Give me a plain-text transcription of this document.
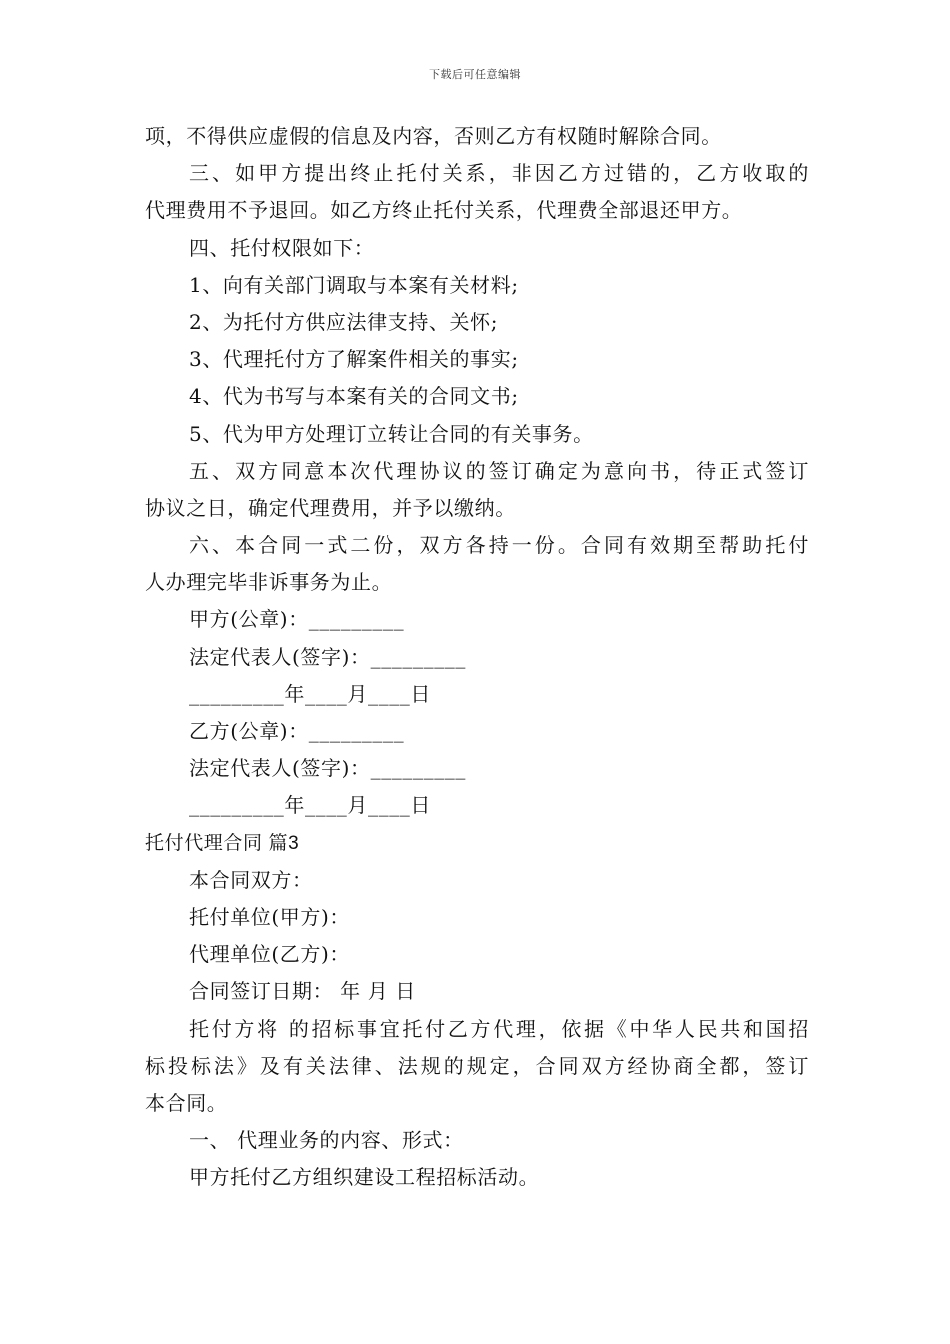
下载后可任意编辑
项，不得供应虚假的信息及内容，否则乙方有权随时解除合同。
三、如甲方提出终止托付关系，非因乙方过错的，乙方收取的
代理费用不予退回。如乙方终止托付关系，代理费全部退还甲方。
四、托付权限如下：
1、向有关部门调取与本案有关材料;
2、为托付方供应法律支持、关怀;
3、代理托付方了解案件相关的事实;
4、代为书写与本案有关的合同文书;
5、代为甲方处理订立转让合同的有关事务。
五、双方同意本次代理协议的签订确定为意向书，待正式签订
协议之日，确定代理费用，并予以缴纳。
六、本合同一式二份，双方各持一份。合同有效期至帮助托付
人办理完毕非诉事务为止。
甲方(公章)：_________
法定代表人(签字)：_________
_________年____月____日
乙方(公章)：_________
法定代表人(签字)：_________
_________年____月____日
托付代理合同 篇3
本合同双方：
托付单位(甲方)：
代理单位(乙方)：
合同签订日期： 年 月 日
托付方将 的招标事宜托付乙方代理，依据《中华人民共和国招
标投标法》及有关法律、法规的规定，合同双方经协商全都，签订
本合同。
一、 代理业务的内容、形式：
甲方托付乙方组织建设工程招标活动。
